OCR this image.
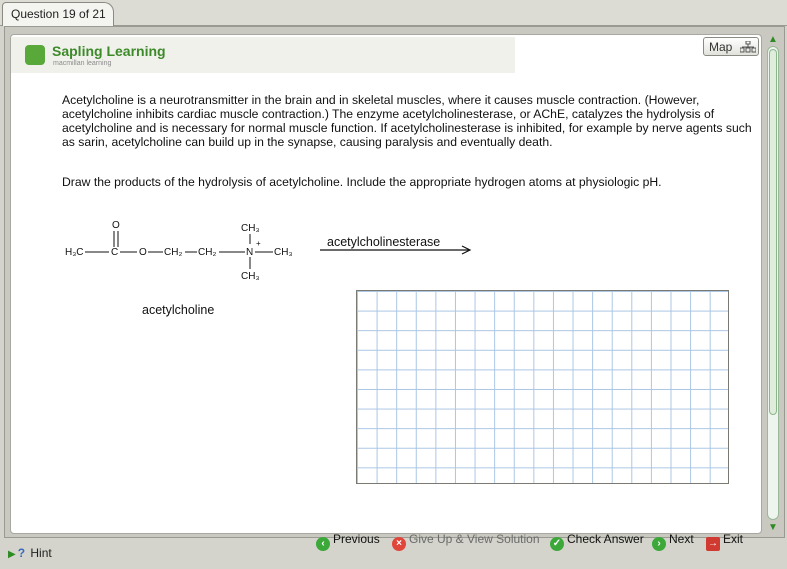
Question 19 of 21
Sapling Learning
macmillan learning
Map
Acetylcholine is a neurotransmitter in the brain and in skeletal muscles, where it causes muscle contraction. (However, acetylcholine inhibits cardiac muscle contraction.) The enzyme acetylcholinesterase, or AChE, catalyzes the hydrolysis of acetylcholine and is necessary for normal muscle function. If acetylcholinesterase is inhibited, for example by nerve agents such as sarin, acetylcholine can build up in the synapse, causing paralysis and eventually death.
Draw the products of the hydrolysis of acetylcholine. Include the appropriate hydrogen atoms at physiologic pH.
O
H₃C	C O CH₂ CH₂	N
+
CH₃
CH₃
CH₃
acetylcholine
acetylcholinesterase
▲
▼
▶ ? Hint
‹ Previous	× Give Up & View Solution ✓ Check Answer	› Next → Exit
